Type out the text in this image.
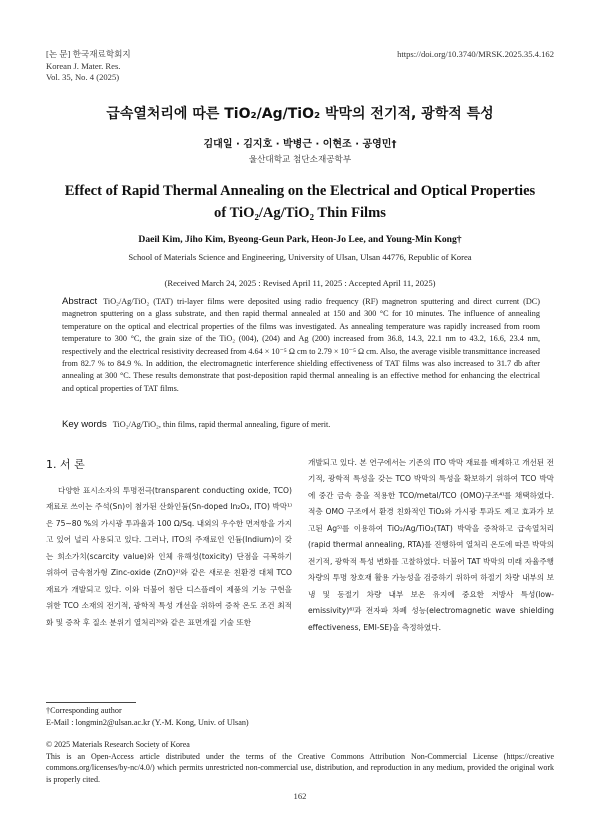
[논 문] 한국재료학회지
Korean J. Mater. Res.
Vol. 35, No. 4 (2025)
https://doi.org/10.3740/MRSK.2025.35.4.162
급속열처리에 따른 TiO₂/Ag/TiO₂ 박막의 전기적, 광학적 특성
김대일 · 김지호 · 박병근 · 이현조 · 공영민†
울산대학교 첨단소재공학부
Effect of Rapid Thermal Annealing on the Electrical and Optical Properties
of TiO₂/Ag/TiO₂ Thin Films
Daeil Kim, Jiho Kim, Byeong-Geun Park, Heon-Jo Lee, and Young-Min Kong†
School of Materials Science and Engineering, University of Ulsan, Ulsan 44776, Republic of Korea
(Received March 24, 2025 : Revised April 11, 2025 : Accepted April 11, 2025)
Abstract TiO₂/Ag/TiO₂ (TAT) tri-layer films were deposited using radio frequency (RF) magnetron sputtering and direct current (DC) magnetron sputtering on a glass substrate, and then rapid thermal annealed at 150 and 300 °C for 10 minutes. The influence of annealing temperature on the optical and electrical properties of the films was investigated. As annealing temperature was rapidly increased from room temperature to 300 °C, the grain size of the TiO₂ (004), (204) and Ag (200) increased from 36.8, 14.3, 22.1 nm to 43.2, 16.6, 23.4 nm, respectively and the electrical resistivity decreased from 4.64 × 10⁻⁵ Ω cm to 2.79 × 10⁻⁵ Ω cm. Also, the average visible transmittance increased from 82.7 % to 84.9 %. In addition, the electromagnetic interference shielding effectiveness of TAT films was also increased to 31.7 db after annealing at 300 °C. These results demonstrate that post-deposition rapid thermal annealing is an effective method for enhancing the electrical and optical properties of TAT films.
Key words TiO₂/Ag/TiO₂, thin films, rapid thermal annealing, figure of merit.
1. 서 론
다양한 표시소자의 투명전극(transparent conducting oxide, TCO) 재료로 쓰이는 주석(Sn)이 첨가된 산화인듐(Sn-doped In₂O₃, ITO) 박막¹⁾은 75~80 %의 가시광 투과율과 100 Ω/Sq. 내외의 우수한 면저항을 가지고 있어 널리 사용되고 있다. 그러나, ITO의 주재료인 인듐(Indium)이 갖는 희소가치(scarcity value)와 인체 유해성(toxicity) 단점을 극복하기 위하여 금속첨가형 Zinc-oxide (ZnO)²⁾와 같은 새로운 친환경 대체 TCO 재료가 개발되고 있다. 이와 더불어 첨단 디스플레이 제품의 기능 구현을 위한 TCO 소재의 전기적, 광학적 특성 개선을 위하여 증착 온도 조건 최적화 및 증착 후 질소 분위기 열처리³⁾와 같은 표면개질 기술 또한
개발되고 있다. 본 연구에서는 기존의 ITO 박막 재료를 배제하고 개선된 전기적, 광학적 특성을 갖는 TCO 박막의 특성을 확보하기 위하여 TCO 박막에 중간 금속 층을 적용한 TCO/metal/TCO (OMO)구조⁴⁾를 채택하였다. 적층 OMO 구조에서 환경 친화적인 TiO₂와 가시광 투과도 제고 효과가 보고된 Ag⁵⁾를 이용하여 TiO₂/Ag/TiO₂(TAT) 박막을 증착하고 급속열처리(rapid thermal annealing, RTA)를 진행하여 열처리 온도에 따른 박막의 전기적, 광학적 특성 변화를 고찰하였다. 더불어 TAT 박막의 미래 자율주행 차량의 투명 창호재 활용 가능성을 검증하기 위하여 하절기 차량 내부의 보냉 및 동절기 차량 내부 보온 유지에 중요한 저방사 특성(low-emissivity)⁶⁾과 전자파 차폐 성능(electromagnetic wave shielding effectiveness, EMI-SE)을 측정하였다.
†Corresponding author
E-Mail : longmin2@ulsan.ac.kr (Y.-M. Kong, Univ. of Ulsan)
© 2025 Materials Research Society of Korea
This is an Open-Access article distributed under the terms of the Creative Commons Attribution Non-Commercial License (https://creative commons.org/licenses/by-nc/4.0/) which permits unrestricted non-commercial use, distribution, and reproduction in any medium, provided the original work is properly cited.
162
